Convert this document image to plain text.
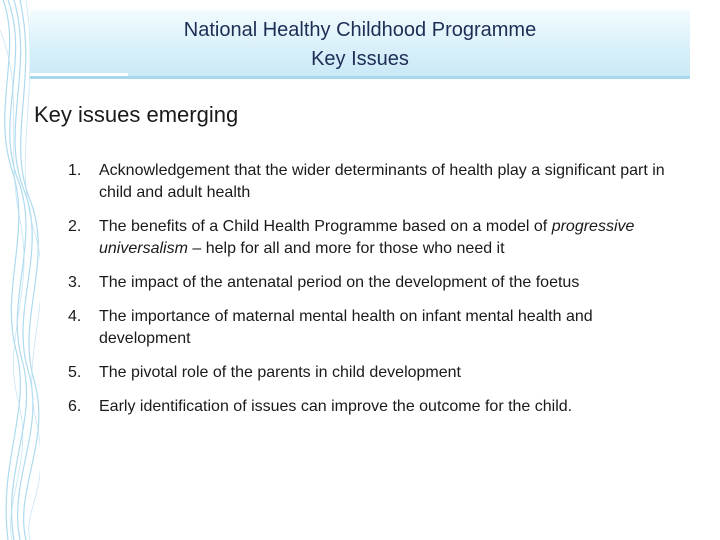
National Healthy Childhood Programme
Key Issues
Key issues emerging
1. Acknowledgement that the wider determinants of health play a significant part in child and adult health
2. The benefits of a Child Health Programme based on a model of progressive universalism – help for all and more for those who need it
3. The impact of the antenatal period on the development of the foetus
4. The importance of maternal mental health on infant mental health and development
5. The pivotal role of the parents in child development
6. Early identification of issues can improve the outcome for the child.
